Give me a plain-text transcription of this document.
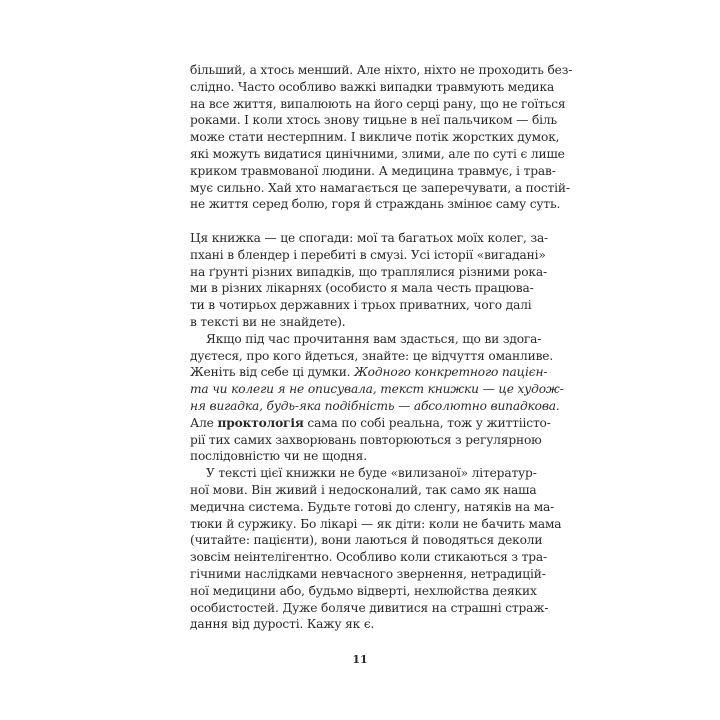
більший, а хтось менший. Але ніхто, ніхто не проходить без-
слідно. Часто особливо важкі випадки травмують медика
на все життя, випалюють на його серці рану, що не гоїться
роками. І коли хтось знову тицьне в неї пальчиком — біль
може стати нестерпним. І викличе потік жорстких думок,
які можуть видатися цинічними, злими, але по суті є лише
криком травмованої людини. А медицина травмує, і трав-
мує сильно. Хай хто намагається це заперечувати, а постій-
не життя серед болю, горя й страждань змінює саму суть.
Ця книжка — це спогади: мої та багатьох моїх колег, за-
пхані в блендер і перебиті в смузі. Усі історії «вигадані»
на ґрунті різних випадків, що траплялися різними рока-
ми в різних лікарнях (особисто я мала честь працюва-
ти в чотирьох державних і трьох приватних, чого далі
в тексті ви не знайдете).
Якщо під час прочитання вам здасться, що ви здога-
дуєтеся, про кого йдеться, знайте: це відчуття оманливе.
Женіть від себе ці думки. Жодного конкретного пацієн-
та чи колеги я не описувала, текст книжки — це худож-
ня вигадка, будь-яка подібність — абсолютно випадкова.
Але проктологія сама по собі реальна, тож у життіісто-
рії тих самих захворювань повторюються з регулярною
послідовністю чи не щодня.
У тексті цієї книжки не буде «вилизаної» літератур-
ної мови. Він живий і недосконалий, так само як наша
медична система. Будьте готові до сленгу, натяків на ма-
тюки й суржику. Бо лікарі — як діти: коли не бачить мама
(читайте: пацієнти), вони лаються й поводяться деколи
зовсім неінтелігентно. Особливо коли стикаються з тра-
гічними наслідками невчасного звернення, нетрадицій-
ної медицини або, будьмо відверті, нехлюйства деяких
особистостей. Дуже боляче дивитися на страшні страж-
дання від дурості. Кажу як є.
11
